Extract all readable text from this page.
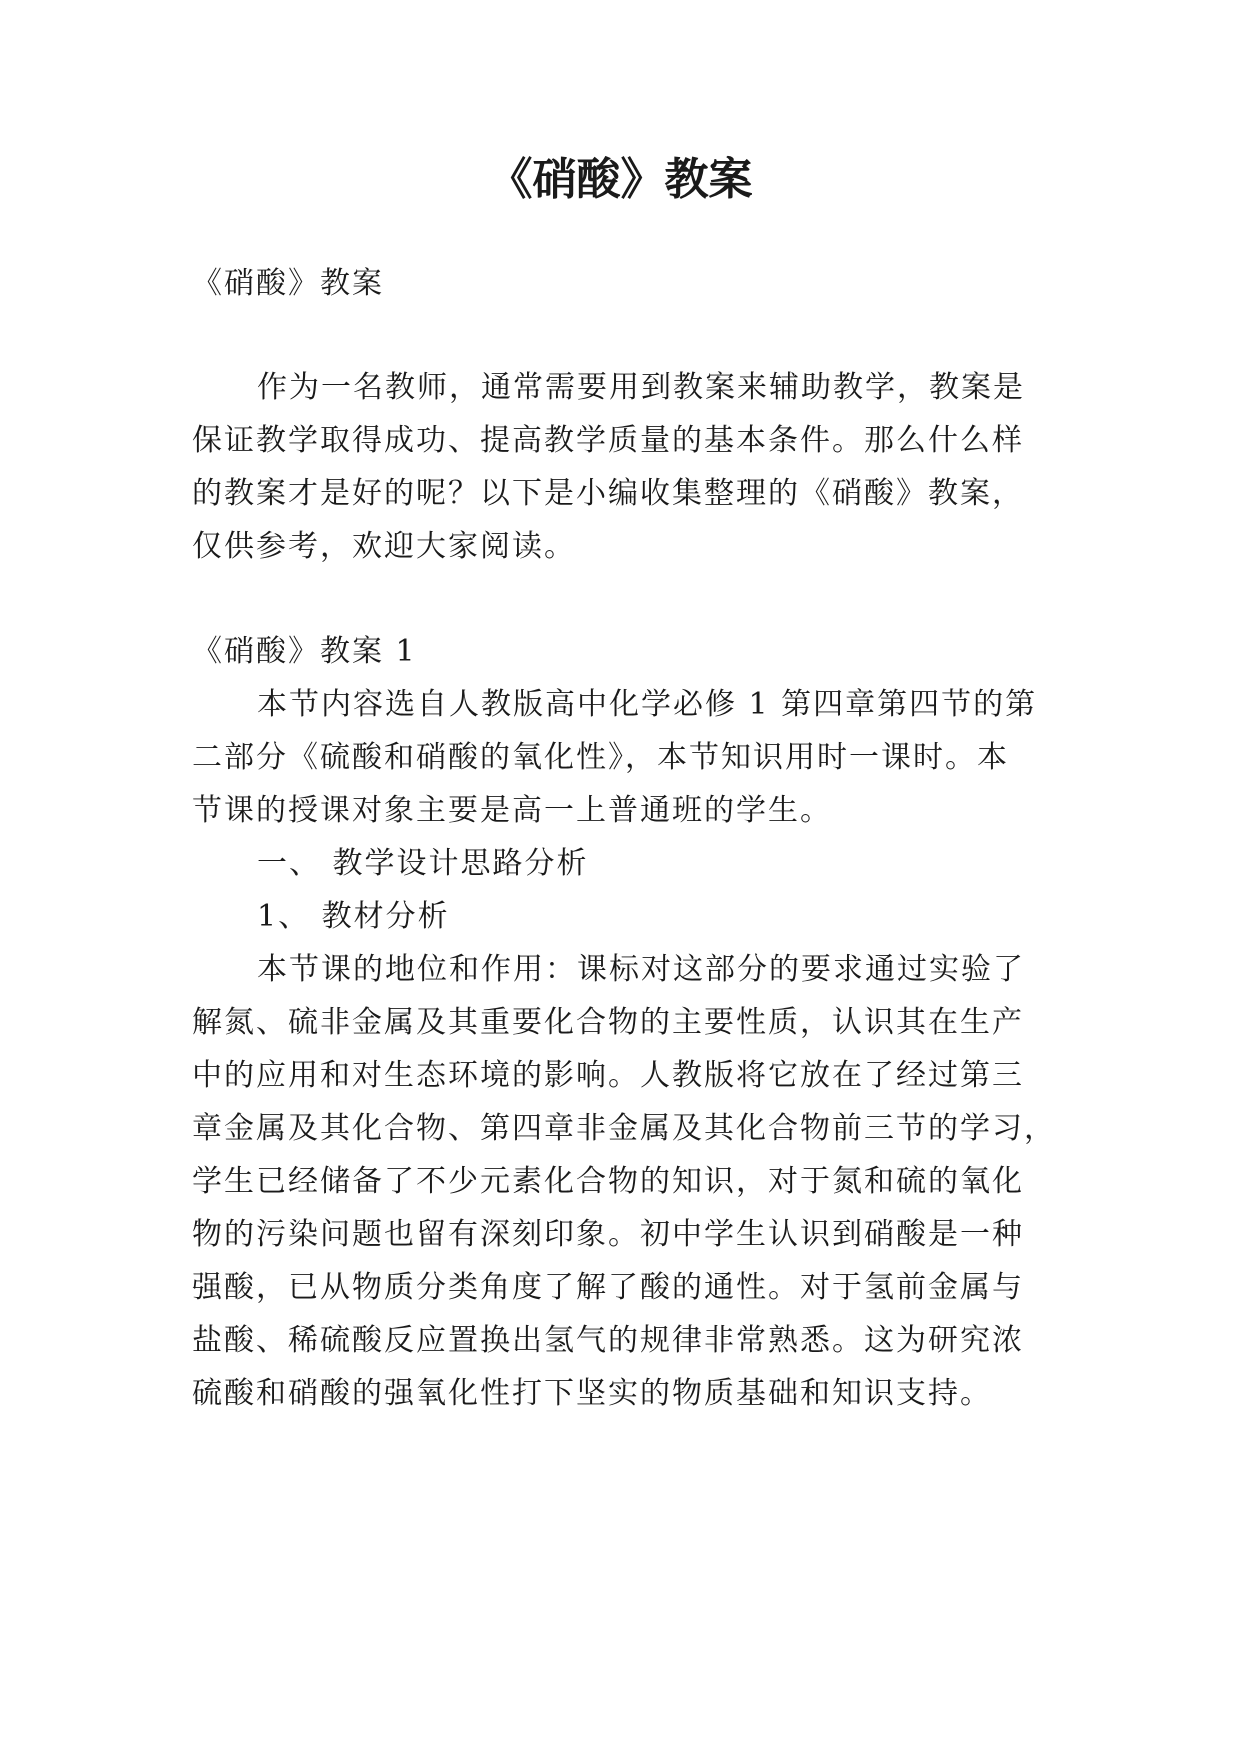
《硝酸》教案

《硝酸》教案

作为一名教师，通常需要用到教案来辅助教学，教案是

保证教学取得成功、提高教学质量的基本条件。那么什么样

的教案才是好的呢？以下是小编收集整理的《硝酸》教案，

仅供参考，欢迎大家阅读。

《硝酸》教案 1

本节内容选自人教版高中化学必修 1 第四章第四节的第

二部分《硫酸和硝酸的氧化性》，本节知识用时一课时。本

节课的授课对象主要是高一上普通班的学生。

一、 教学设计思路分析

1、 教材分析

本节课的地位和作用：课标对这部分的要求通过实验了

解氮、硫非金属及其重要化合物的主要性质，认识其在生产

中的应用和对生态环境的影响。人教版将它放在了经过第三

章金属及其化合物、第四章非金属及其化合物前三节的学习，

学生已经储备了不少元素化合物的知识，对于氮和硫的氧化

物的污染问题也留有深刻印象。初中学生认识到硝酸是一种

强酸，已从物质分类角度了解了酸的通性。对于氢前金属与

盐酸、稀硫酸反应置换出氢气的规律非常熟悉。这为研究浓

硫酸和硝酸的强氧化性打下坚实的物质基础和知识支持。
